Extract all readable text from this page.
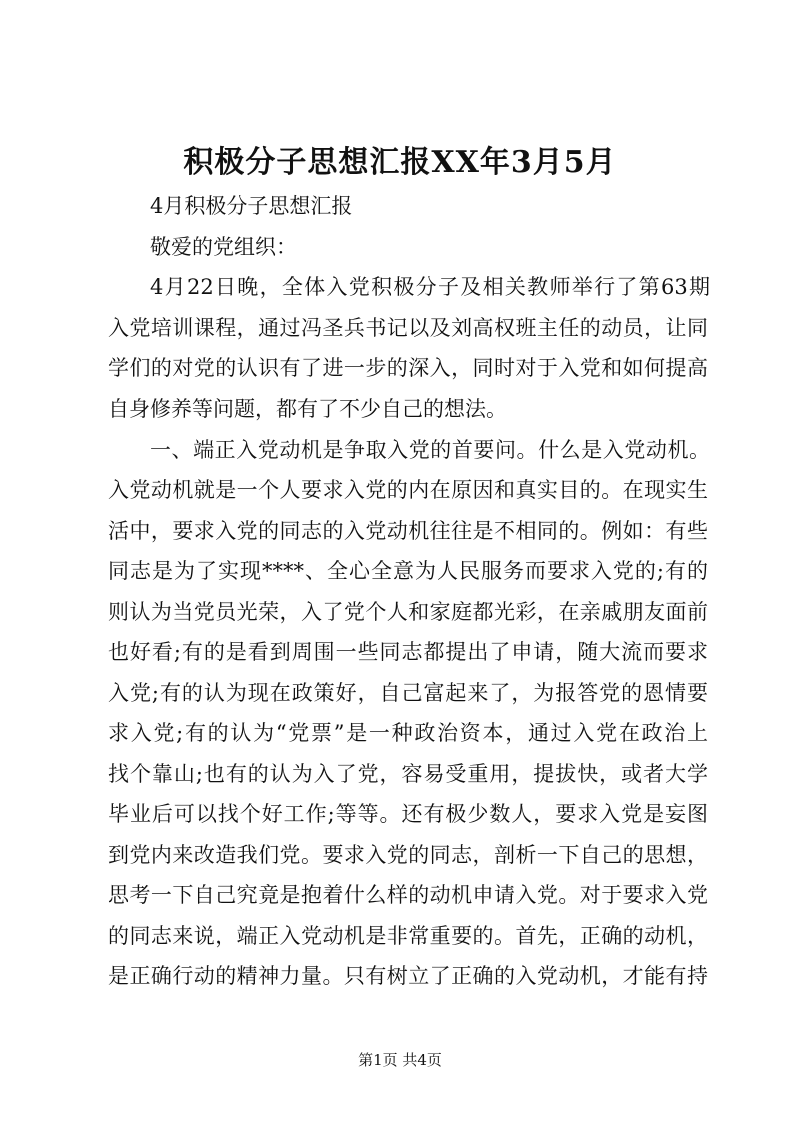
积极分子思想汇报XX年3月5月

4月积极分子思想汇报

敬爱的党组织：

4月22日晚，全体入党积极分子及相关教师举行了第63期

入党培训课程，通过冯圣兵书记以及刘高权班主任的动员，让同

学们的对党的认识有了进一步的深入，同时对于入党和如何提高

自身修养等问题，都有了不少自己的想法。

一、端正入党动机是争取入党的首要问。什么是入党动机。

入党动机就是一个人要求入党的内在原因和真实目的。在现实生

活中，要求入党的同志的入党动机往往是不相同的。例如：有些

同志是为了实现****、全心全意为人民服务而要求入党的;有的

则认为当党员光荣，入了党个人和家庭都光彩，在亲戚朋友面前

也好看;有的是看到周围一些同志都提出了申请，随大流而要求

入党;有的认为现在政策好，自己富起来了，为报答党的恩情要

求入党;有的认为“党票”是一种政治资本，通过入党在政治上

找个靠山;也有的认为入了党，容易受重用，提拔快，或者大学

毕业后可以找个好工作;等等。还有极少数人，要求入党是妄图

到党内来改造我们党。要求入党的同志，剖析一下自己的思想，

思考一下自己究竟是抱着什么样的动机申请入党。对于要求入党

的同志来说，端正入党动机是非常重要的。首先，正确的动机，

是正确行动的精神力量。只有树立了正确的入党动机，才能有持

第1页 共4页
